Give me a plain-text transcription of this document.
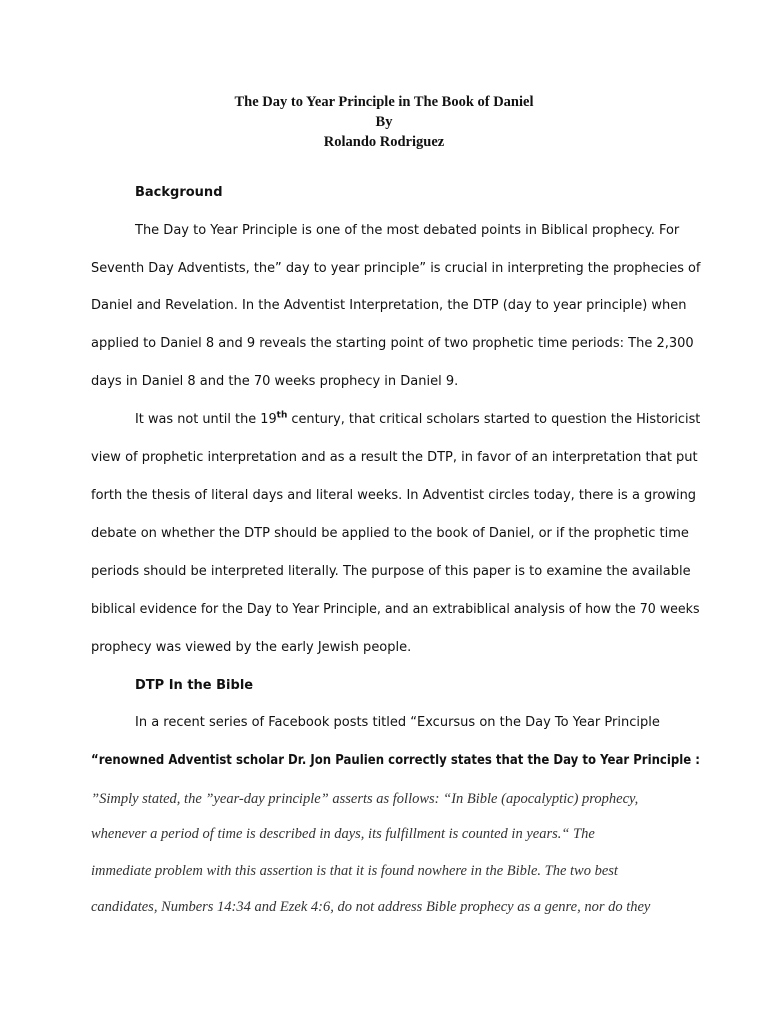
The Day to Year Principle in The Book of Daniel
By
Rolando Rodriguez
Background
The Day to Year Principle is one of the most debated points in Biblical prophecy. For
Seventh Day Adventists, the” day to year principle” is crucial in interpreting the prophecies of
Daniel and Revelation. In the Adventist Interpretation, the DTP (day to year principle) when
applied to Daniel 8 and 9 reveals the starting point of two prophetic time periods: The 2,300
days in Daniel 8 and the 70 weeks prophecy in Daniel 9.
It was not until the 19th century, that critical scholars started to question the Historicist
view of prophetic interpretation and as a result the DTP, in favor of an interpretation that put
forth the thesis of literal days and literal weeks. In Adventist circles today, there is a growing
debate on whether the DTP should be applied to the book of Daniel, or if the prophetic time
periods should be interpreted literally. The purpose of this paper is to examine the available
biblical evidence for the Day to Year Principle, and an extrabiblical analysis of how the 70 weeks
prophecy was viewed by the early Jewish people.
DTP In the Bible
In a recent series of Facebook posts titled “Excursus on the Day To Year Principle
“renowned Adventist scholar Dr. Jon Paulien correctly states that the Day to Year Principle :
”Simply stated, the ”year-day principle” asserts as follows: “In Bible (apocalyptic) prophecy,
whenever a period of time is described in days, its fulfillment is counted in years.“ The
immediate problem with this assertion is that it is found nowhere in the Bible. The two best
candidates, Numbers 14:34 and Ezek 4:6, do not address Bible prophecy as a genre, nor do they
